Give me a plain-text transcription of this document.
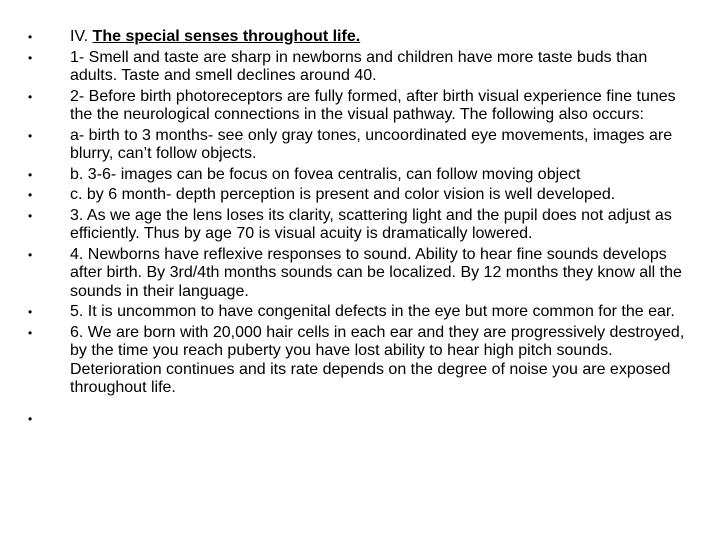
• IV. The special senses throughout life.
• 1- Smell and taste are sharp in newborns and children have more taste buds than adults. Taste and smell declines around 40.
• 2- Before birth photoreceptors are fully formed, after birth visual experience fine tunes the the neurological connections in the visual pathway. The following also occurs:
• a- birth to 3 months- see only gray tones, uncoordinated eye movements, images are blurry, can’t follow objects.
• b. 3-6- images can be focus on fovea centralis, can follow moving object
• c. by 6 month- depth perception is present and color vision is well developed.
• 3. As we age the lens loses its clarity, scattering light and the pupil does not adjust as efficiently. Thus by age 70 is visual acuity is dramatically lowered.
• 4. Newborns have reflexive responses to sound. Ability to hear fine sounds develops after birth. By 3rd/4th months sounds can be localized. By 12 months they know all the sounds in their language.
• 5. It is uncommon to have congenital defects in the eye but more common for the ear.
• 6. We are born with 20,000 hair cells in each ear and they are progressively destroyed, by the time you reach puberty you have lost ability to hear high pitch sounds. Deterioration continues and its rate depends on the degree of noise you are exposed throughout life.
•
